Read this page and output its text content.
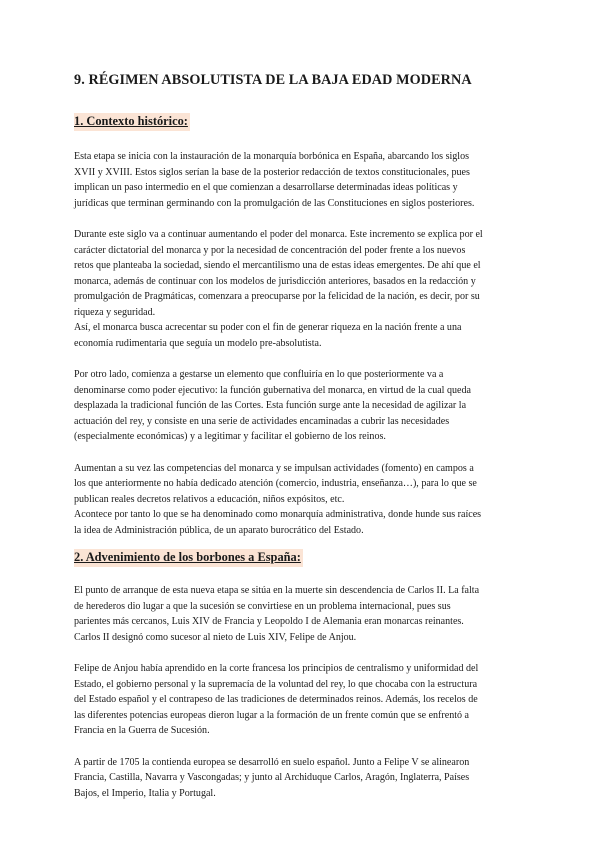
9. RÉGIMEN ABSOLUTISTA DE LA BAJA EDAD MODERNA
1. Contexto histórico:

Esta etapa se inicia con la instauración de la monarquía borbónica en España, abarcando los siglos
XVII y XVIII. Estos siglos serían la base de la posterior redacción de textos constitucionales, pues
implican un paso intermedio en el que comienzan a desarrollarse determinadas ideas políticas y
jurídicas que terminan germinando con la promulgación de las Constituciones en siglos posteriores.

Durante este siglo va a continuar aumentando el poder del monarca. Este incremento se explica por el
carácter dictatorial del monarca y por la necesidad de concentración del poder frente a los nuevos
retos que planteaba la sociedad, siendo el mercantilismo una de estas ideas emergentes. De ahí que el
monarca, además de continuar con los modelos de jurisdicción anteriores, basados en la redacción y
promulgación de Pragmáticas, comenzara a preocuparse por la felicidad de la nación, es decir, por su
riqueza y seguridad.
Así, el monarca busca acrecentar su poder con el fin de generar riqueza en la nación frente a una
economía rudimentaria que seguía un modelo pre-absolutista.

Por otro lado, comienza a gestarse un elemento que confluiría en lo que posteriormente va a
denominarse como poder ejecutivo: la función gubernativa del monarca, en virtud de la cual queda
desplazada la tradicional función de las Cortes. Esta función surge ante la necesidad de agilizar la
actuación del rey, y consiste en una serie de actividades encaminadas a cubrir las necesidades
(especialmente económicas) y a legitimar y facilitar el gobierno de los reinos.

Aumentan a su vez las competencias del monarca y se impulsan actividades (fomento) en campos a
los que anteriormente no había dedicado atención (comercio, industria, enseñanza…), para lo que se
publican reales decretos relativos a educación, niños expósitos, etc.
Acontece por tanto lo que se ha denominado como monarquía administrativa, donde hunde sus raíces
la idea de Administración pública, de un aparato burocrático del Estado.

2. Advenimiento de los borbones a España:

El punto de arranque de esta nueva etapa se sitúa en la muerte sin descendencia de Carlos II. La falta
de herederos dio lugar a que la sucesión se convirtiese en un problema internacional, pues sus
parientes más cercanos, Luis XIV de Francia y Leopoldo I de Alemania eran monarcas reinantes.
Carlos II designó como sucesor al nieto de Luis XIV, Felipe de Anjou.

Felipe de Anjou había aprendido en la corte francesa los principios de centralismo y uniformidad del
Estado, el gobierno personal y la supremacía de la voluntad del rey, lo que chocaba con la estructura
del Estado español y el contrapeso de las tradiciones de determinados reinos. Además, los recelos de
las diferentes potencias europeas dieron lugar a la formación de un frente común que se enfrentó a
Francia en la Guerra de Sucesión.

A partir de 1705 la contienda europea se desarrolló en suelo español. Junto a Felipe V se alinearon
Francia, Castilla, Navarra y Vascongadas; y junto al Archiduque Carlos, Aragón, Inglaterra, Países
Bajos, el Imperio, Italia y Portugal.
